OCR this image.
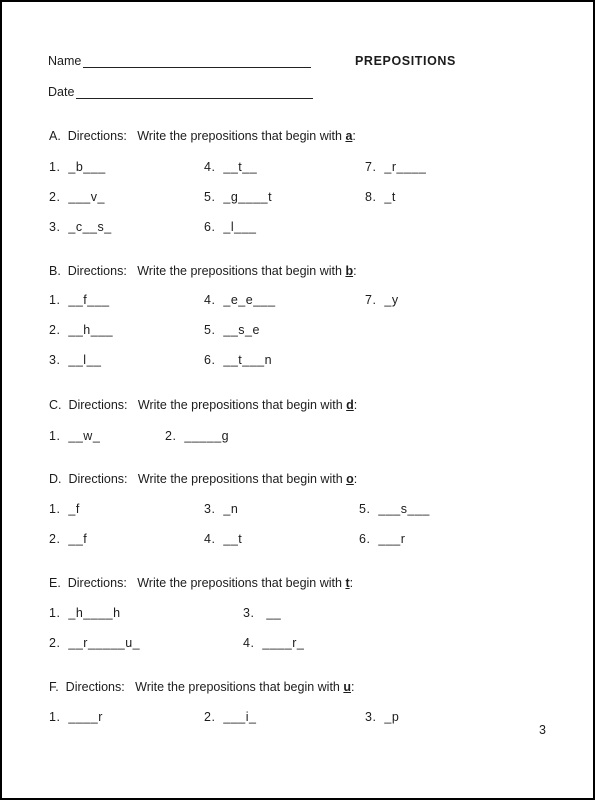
Name	PREPOSITIONS
Date
A.  Directions:   Write the prepositions that begin with a:
1. _b___	4. __t__	7. _r____
2. ___v_	5. _g____t	8. _t
3. _c__s_	6. _l___
B.  Directions:   Write the prepositions that begin with b:
1. __f___	4. _e_e___	7. _y
2. __h___	5. __s_e
3. __l__	6. __t___n
C.  Directions:   Write the prepositions that begin with d:
1. __w_	2. _____g
D.  Directions:   Write the prepositions that begin with o:
1. _f	3. _n	5. ___s___
2. __f	4. __t	6. ___r
E.  Directions:   Write the prepositions that begin with t:
1. _h____h	3. __
2. __r_____u_	4. ____r_
F.  Directions:   Write the prepositions that begin with u:
1. ____r	2. ___i_	3. _p
3
